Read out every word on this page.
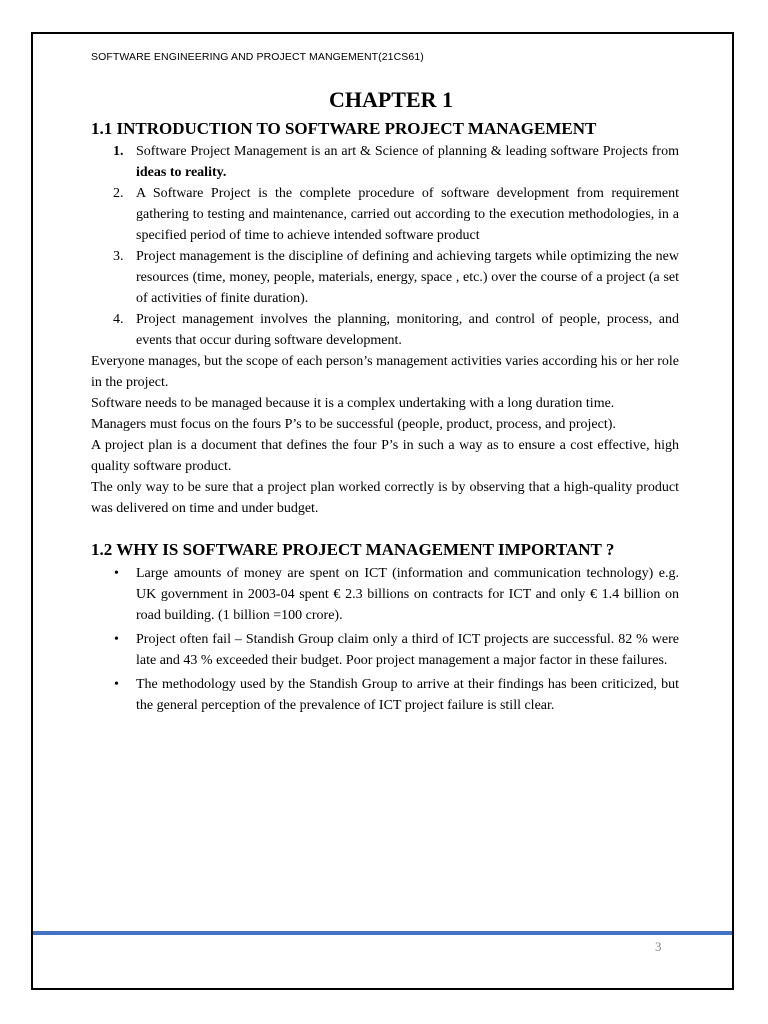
SOFTWARE ENGINEERING AND PROJECT MANGEMENT(21CS61)
CHAPTER 1
1.1 INTRODUCTION TO SOFTWARE PROJECT MANAGEMENT
1. Software Project Management is an art & Science of planning & leading software Projects from ideas to reality.
2. A Software Project is the complete procedure of software development from requirement gathering to testing and maintenance, carried out according to the execution methodologies, in a specified period of time to achieve intended software product
3. Project management is the discipline of defining and achieving targets while optimizing the new resources (time, money, people, materials, energy, space , etc.) over the course of a project (a set of activities of finite duration).
4. Project management involves the planning, monitoring, and control of people, process, and events that occur during software development.

Everyone manages, but the scope of each person’s management activities varies according his or her role in the project.

Software needs to be managed because it is a complex undertaking with a long duration time.

Managers must focus on the fours P’s to be successful (people, product, process, and project).

A project plan is a document that defines the four P’s in such a way as to ensure a cost effective, high quality software product.

The only way to be sure that a project plan worked correctly is by observing that a high-quality product was delivered on time and under budget.

1.2 WHY IS SOFTWARE PROJECT MANAGEMENT IMPORTANT ?
• Large amounts of money are spent on ICT (information and communication technology) e.g. UK government in 2003-04 spent € 2.3 billions on contracts for ICT and only € 1.4 billion on road building. (1 billion =100 crore).
• Project often fail – Standish Group claim only a third of ICT projects are successful. 82 % were late and 43 % exceeded their budget. Poor project management a major factor in these failures.
• The methodology used by the Standish Group to arrive at their findings has been criticized, but the general perception of the prevalence of ICT project failure is still clear.
3
